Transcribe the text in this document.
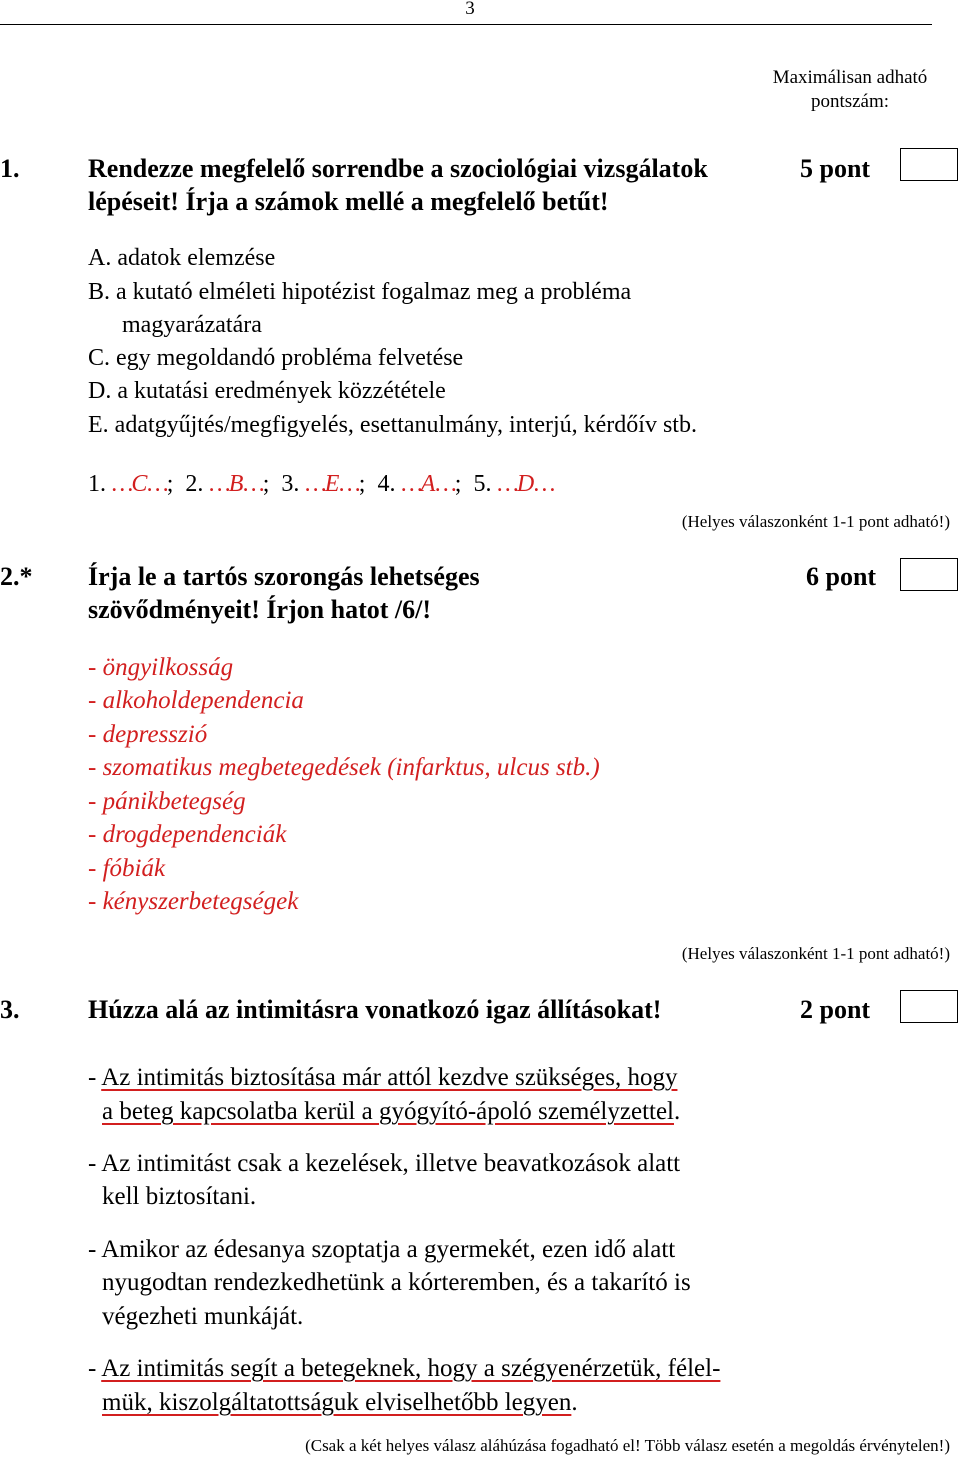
3
Maximálisan adható
pontszám:
1.	Rendezze megfelelő sorrendbe a szociológiai vizsgálatok
lépéseit! Írja a számok mellé a megfelelő betűt!
5 pont
A. adatok elemzése
B. a kutató elméleti hipotézist fogalmaz meg a probléma
magyarázatára
C. egy megoldandó probléma felvetése
D. a kutatási eredmények közzététele
E. adatgyűjtés/megfigyelés, esettanulmány, interjú, kérdőív stb.
1. …C…;  2. …B…;  3. …E…;  4. …A…;  5. …D…
(Helyes válaszonként 1-1 pont adható!)
2.* Írja le a tartós szorongás lehetséges
szövődményeit! Írjon hatot /6/!
6 pont
- öngyilkosság
- alkoholdependencia
- depresszió
- szomatikus megbetegedések (infarktus, ulcus stb.)
- pánikbetegség
- drogdependenciák
- fóbiák
- kényszerbetegségek
(Helyes válaszonként 1-1 pont adható!)
3.	Húzza alá az intimitásra vonatkozó igaz állításokat!	2 pont
- Az intimitás biztosítása már attól kezdve szükséges, hogy
a beteg kapcsolatba kerül a gyógyító-ápoló személyzettel.
- Az intimitást csak a kezelések, illetve beavatkozások alatt
kell biztosítani.
- Amikor az édesanya szoptatja a gyermekét, ezen idő alatt
nyugodtan rendezkedhetünk a kórteremben, és a takarító is
végezheti munkáját.
- Az intimitás segít a betegeknek, hogy a szégyenérzetük, félel-
mük, kiszolgáltatottságuk elviselhetőbb legyen.
(Csak a két helyes válasz aláhúzása fogadható el! Több válasz esetén a megoldás érvénytelen!)
